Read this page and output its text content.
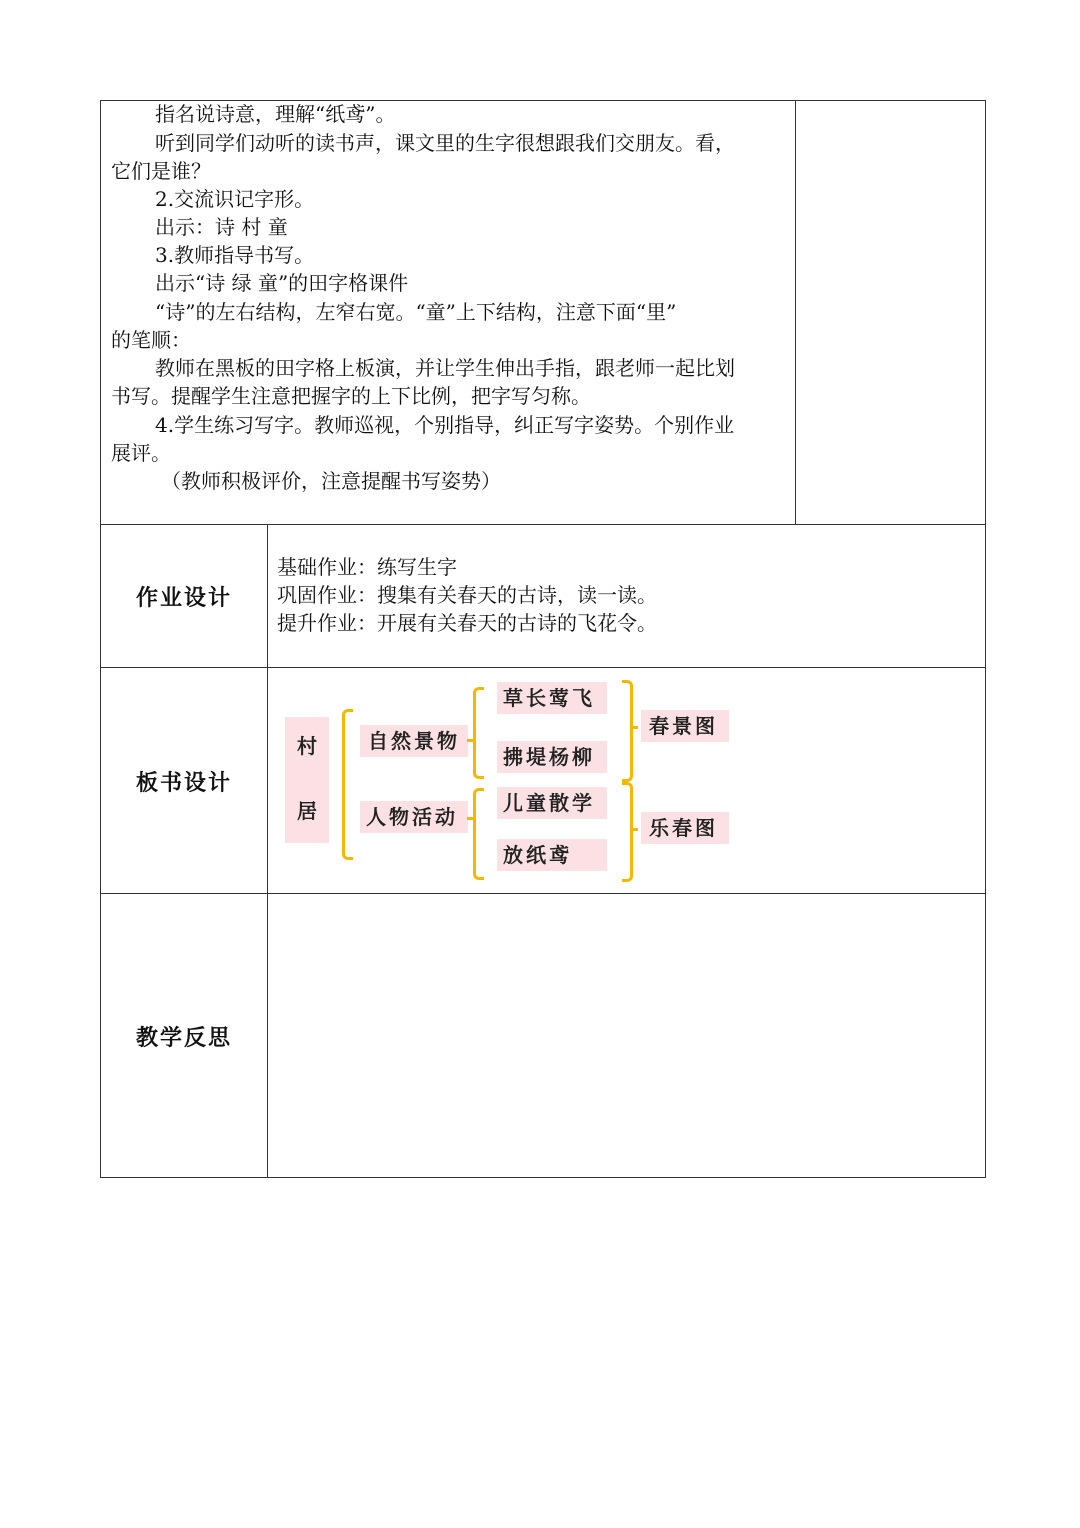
指名说诗意，理解“纸鸢”。

听到同学们动听的读书声，课文里的生字很想跟我们交朋友。看，

它们是谁？

2.交流识记字形。

出示：诗 村 童

3.教师指导书写。

出示“诗 绿 童”的田字格课件

“诗”的左右结构，左窄右宽。“童”上下结构，注意下面“里”

的笔顺：

教师在黑板的田字格上板演，并让学生伸出手指，跟老师一起比划

书写。提醒学生注意把握字的上下比例，把字写匀称。

4.学生练习写字。教师巡视，个别指导，纠正写字姿势。个别作业

展评。

（教师积极评价，注意提醒书写姿势）

作业设计
基础作业：练写生字
巩固作业：搜集有关春天的古诗，读一读。
提升作业：开展有关春天的古诗的飞花令。
板书设计
村
居
自然景物
人物活动
草长莺飞
拂堤杨柳
儿童散学
放纸鸢
春景图
乐春图
教学反思
